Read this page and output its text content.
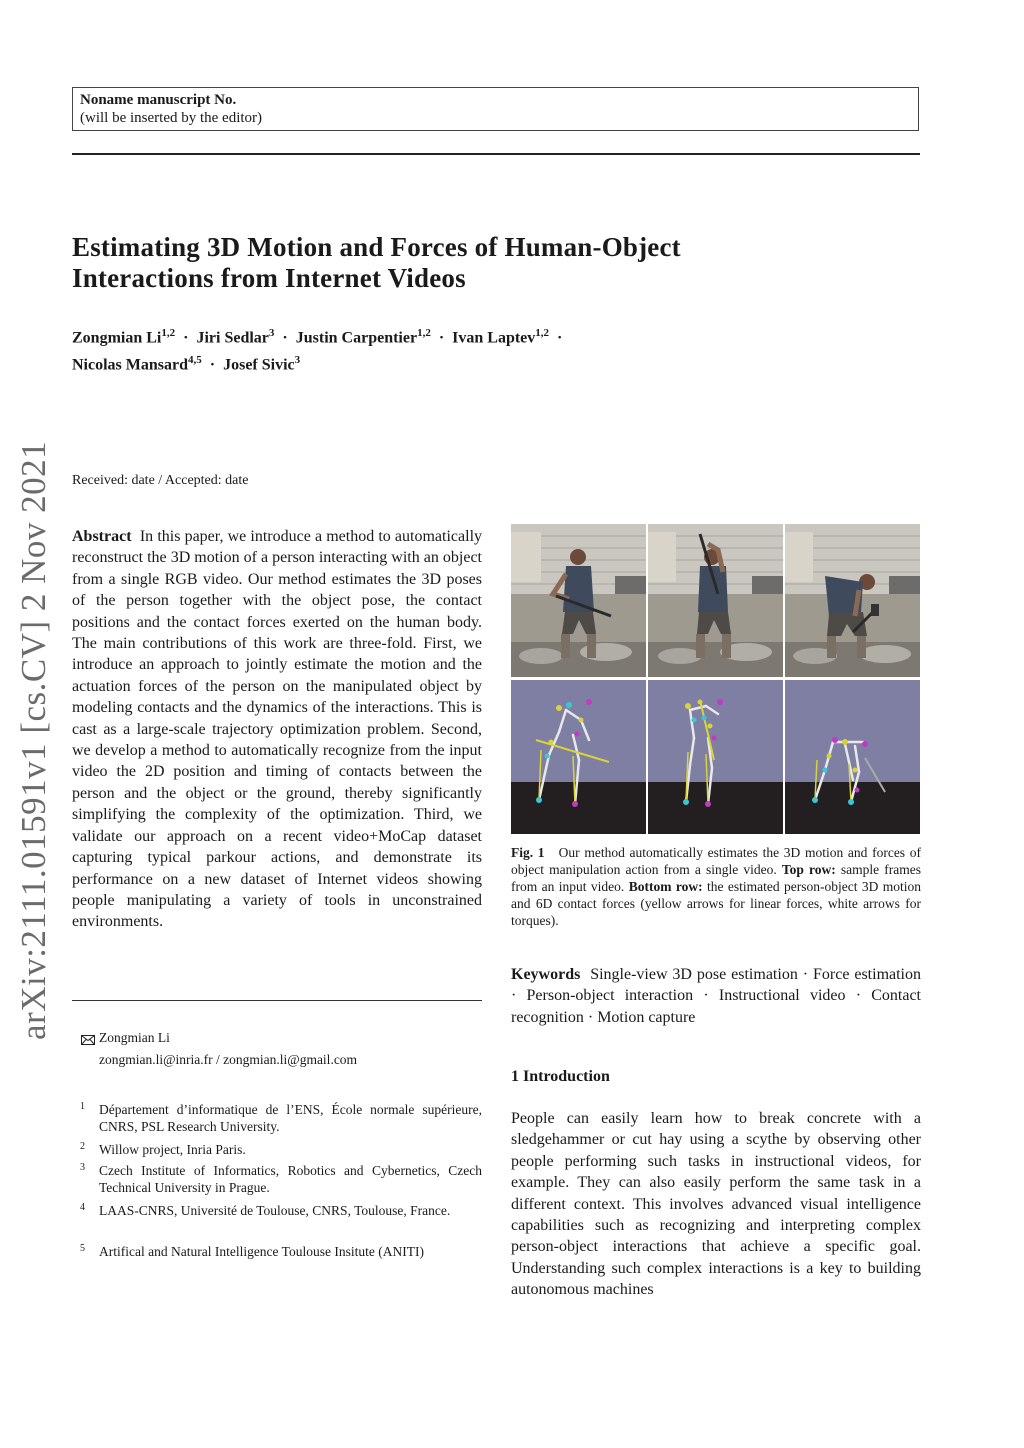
Noname manuscript No.
(will be inserted by the editor)
arXiv:2111.01591v1 [cs.CV] 2 Nov 2021
Estimating 3D Motion and Forces of Human-Object
Interactions from Internet Videos
Zongmian Li$^{1,2}$ · Jiri Sedlar$^3$ · Justin Carpentier$^{1,2}$ · Ivan Laptev$^{1,2}$ ·
Nicolas Mansard$^{4,5}$ · Josef Sivic$^3$
Received: date / Accepted: date
Abstract In this paper, we introduce a method to automatically reconstruct the 3D motion of a person interacting with an object from a single RGB video. Our method estimates the 3D poses of the person together with the object pose, the contact positions and the contact forces exerted on the human body. The main contributions of this work are three-fold. First, we introduce an approach to jointly estimate the motion and the actuation forces of the person on the manipulated object by modeling contacts and the dynamics of the interactions. This is cast as a large-scale trajectory optimization problem. Second, we develop a method to automatically recognize from the input video the 2D position and timing of contacts between the person and the object or the ground, thereby significantly simplifying the complexity of the optimization. Third, we validate our approach on a recent video+MoCap dataset capturing typical parkour actions, and demonstrate its performance on a new dataset of Internet videos showing people manipulating a variety of tools in unconstrained environments.
Zongmian Li
zongmian.li@inria.fr / zongmian.li@gmail.com
1 Département d’informatique de l’ENS, École normale supérieure, CNRS, PSL Research University.
2 Willow project, Inria Paris.
3 Czech Institute of Informatics, Robotics and Cybernetics, Czech Technical University in Prague.
4 LAAS-CNRS, Université de Toulouse, CNRS, Toulouse, France.
5 Artifical and Natural Intelligence Toulouse Insitute (ANITI)
Fig. 1 Our method automatically estimates the 3D motion and forces of object manipulation action from a single video. Top row: sample frames from an input video. Bottom row: the estimated person-object 3D motion and 6D contact forces (yellow arrows for linear forces, white arrows for torques).
Keywords Single-view 3D pose estimation · Force estimation · Person-object interaction · Instructional video · Contact recognition · Motion capture
1 Introduction
People can easily learn how to break concrete with a sledgehammer or cut hay using a scythe by observing other people performing such tasks in instructional videos, for example. They can also easily perform the same task in a different context. This involves advanced visual intelligence capabilities such as recognizing and interpreting complex person-object interactions that achieve a specific goal. Understanding such complex interactions is a key to building autonomous machines
